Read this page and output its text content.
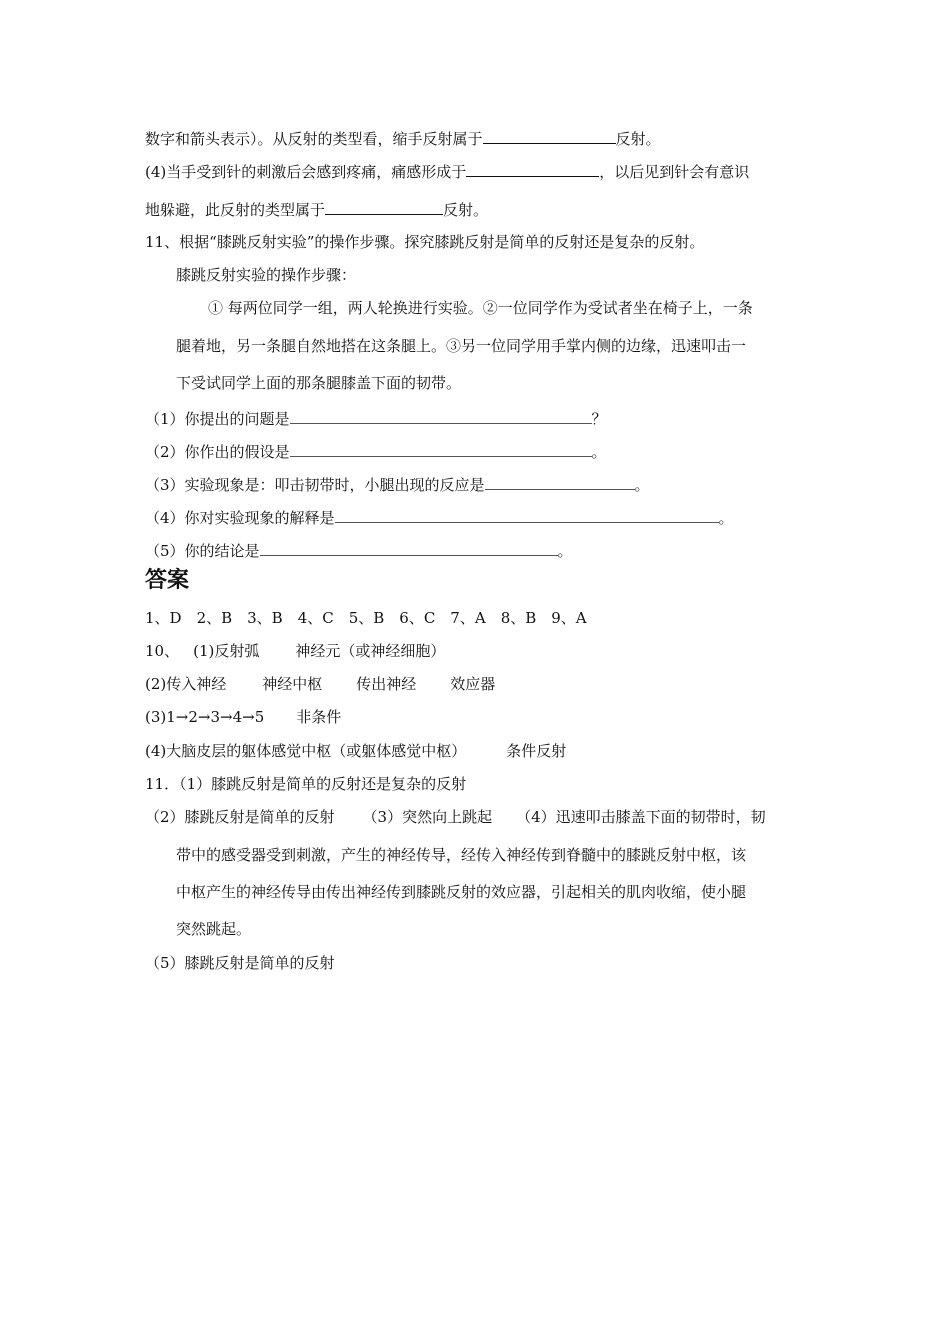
数字和箭头表示）。从反射的类型看，缩手反射属于	反射。
(4)当手受到针的刺激后会感到疼痛，痛感形成于	，以后见到针会有意识
地躲避，此反射的类型属于	反射。
11、根据“膝跳反射实验”的操作步骤。探究膝跳反射是简单的反射还是复杂的反射。
膝跳反射实验的操作步骤：
① 每两位同学一组，两人轮换进行实验。②一位同学作为受试者坐在椅子上，一条
腿着地，另一条腿自然地搭在这条腿上。③另一位同学用手掌内侧的边缘，迅速叩击一
下受试同学上面的那条腿膝盖下面的韧带。
（1）你提出的问题是	？
（2）你作出的假设是	。
（3）实验现象是：叩击韧带时，小腿出现的反应是	。
（4）你对实验现象的解释是	。
（5）你的结论是	。
答案
1、D　2、B　3、B　4、C　5、B　6、C　7、A　8、B　9、A
10、 (1)反射弧 神经元（或神经细胞）
(2)传入神经 神经中枢 传出神经 效应器
(3)1→2→3→4→5 非条件
(4)大脑皮层的躯体感觉中枢（或躯体感觉中枢）	条件反射
11．（1）膝跳反射是简单的反射还是复杂的反射
（2）膝跳反射是简单的反射 （3）突然向上跳起 （4）迅速叩击膝盖下面的韧带时，韧
带中的感受器受到刺激，产生的神经传导，经传入神经传到脊髓中的膝跳反射中枢，该
中枢产生的神经传导由传出神经传到膝跳反射的效应器，引起相关的肌肉收缩，使小腿
突然跳起。
（5）膝跳反射是简单的反射
